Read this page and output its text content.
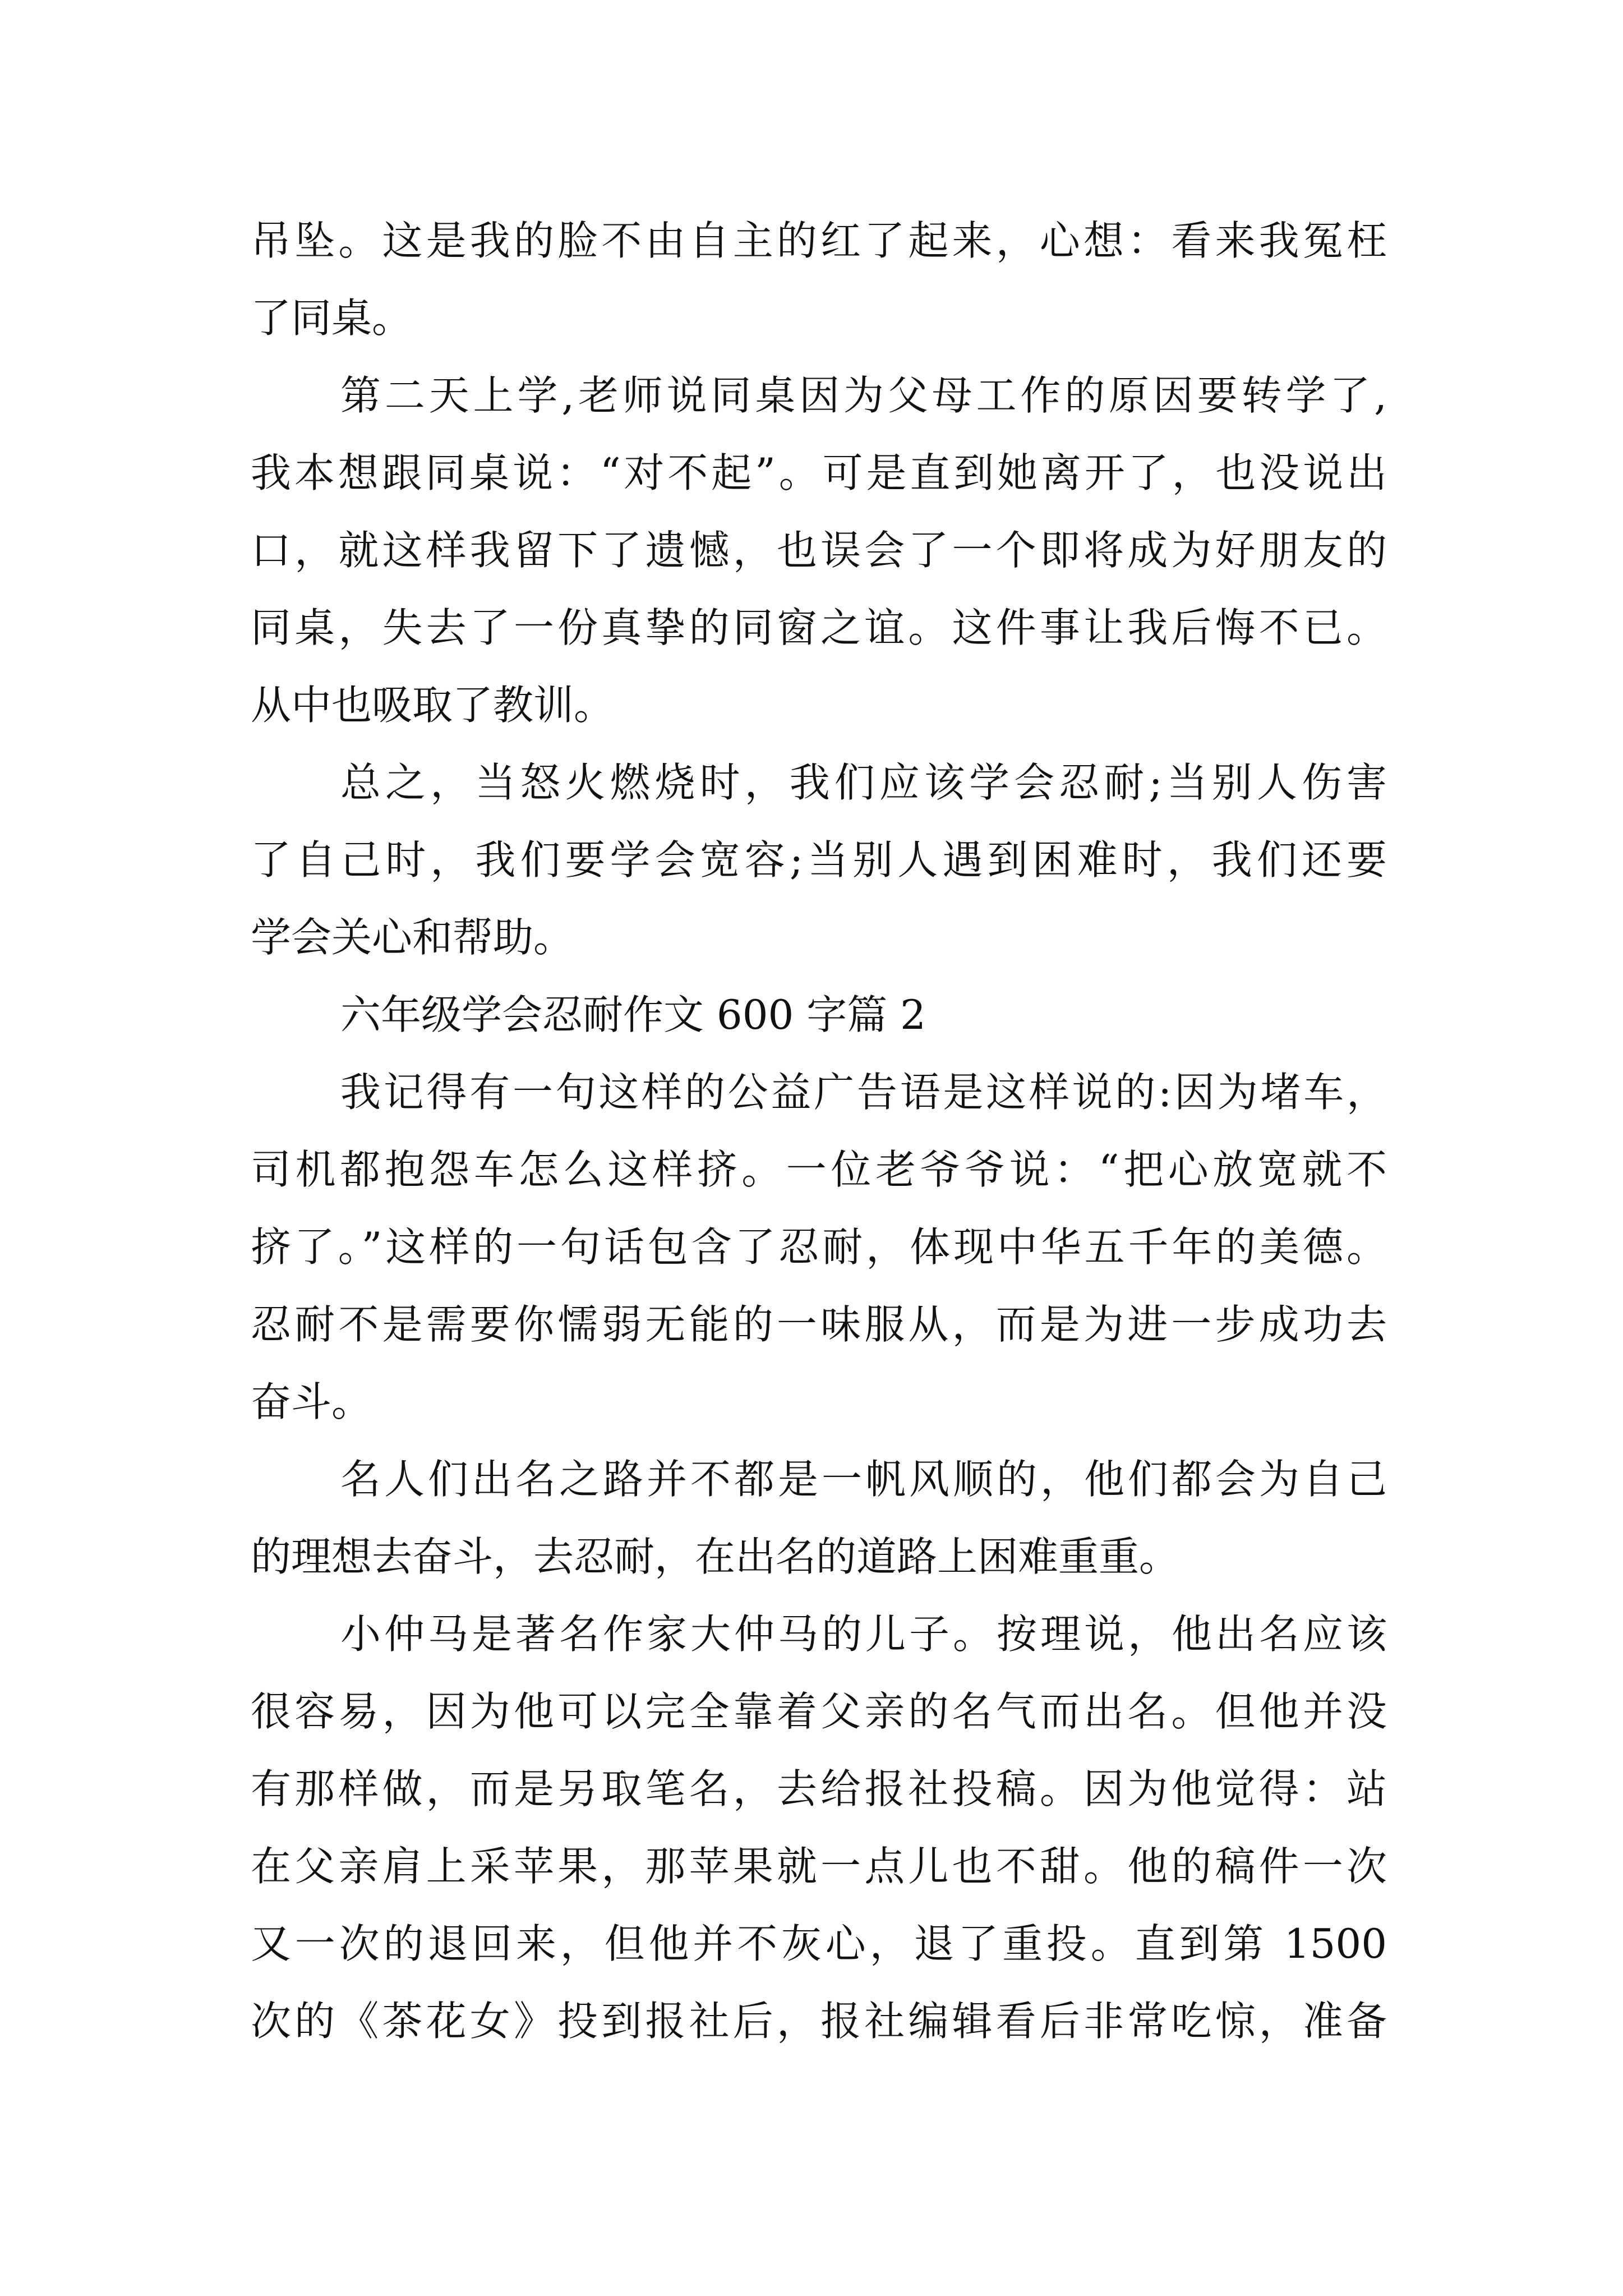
吊坠。这是我的脸不由自主的红了起来，心想：看来我冤枉
了同桌。
第二天上学,老师说同桌因为父母工作的原因要转学了,
我本想跟同桌说：“对不起”。可是直到她离开了，也没说出
口，就这样我留下了遗憾，也误会了一个即将成为好朋友的
同桌，失去了一份真挚的同窗之谊。这件事让我后悔不已。
从中也吸取了教训。
总之，当怒火燃烧时，我们应该学会忍耐;当别人伤害
了自己时，我们要学会宽容;当别人遇到困难时，我们还要
学会关心和帮助。
六年级学会忍耐作文 600 字篇 2
我记得有一句这样的公益广告语是这样说的:因为堵车，
司机都抱怨车怎么这样挤。一位老爷爷说：“把心放宽就不
挤了。”这样的一句话包含了忍耐，体现中华五千年的美德。
忍耐不是需要你懦弱无能的一味服从，而是为进一步成功去
奋斗。
名人们出名之路并不都是一帆风顺的，他们都会为自己
的理想去奋斗，去忍耐，在出名的道路上困难重重。
小仲马是著名作家大仲马的儿子。按理说，他出名应该
很容易，因为他可以完全靠着父亲的名气而出名。但他并没
有那样做，而是另取笔名，去给报社投稿。因为他觉得：站
在父亲肩上采苹果，那苹果就一点儿也不甜。他的稿件一次
又一次的退回来，但他并不灰心，退了重投。直到第 1500
次的《茶花女》投到报社后，报社编辑看后非常吃惊，准备
